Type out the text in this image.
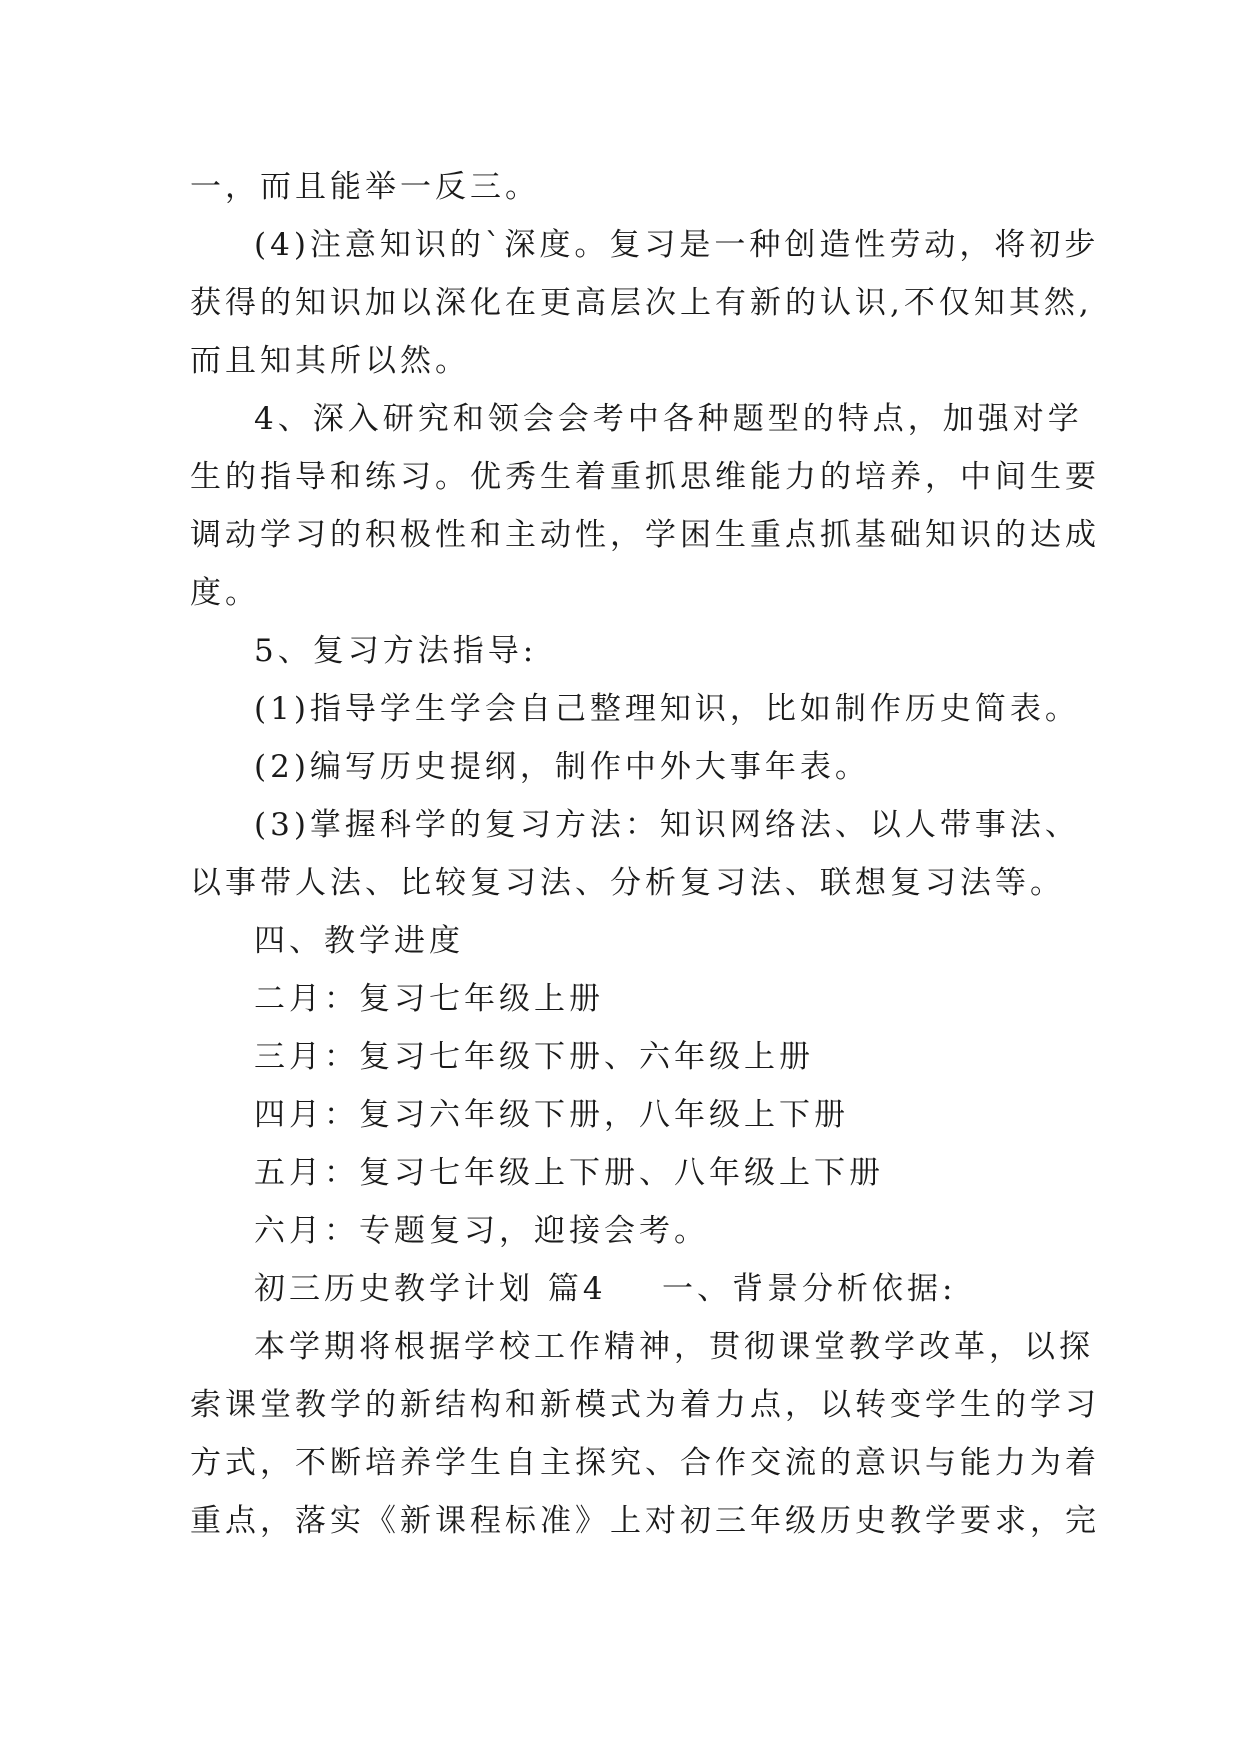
一，而且能举一反三。
(4)注意知识的`深度。复习是一种创造性劳动，将初步
获得的知识加以深化在更高层次上有新的认识,不仅知其然,
而且知其所以然。
4、深入研究和领会会考中各种题型的特点，加强对学
生的指导和练习。优秀生着重抓思维能力的培养，中间生要
调动学习的积极性和主动性，学困生重点抓基础知识的达成
度。
5、复习方法指导:
(1)指导学生学会自己整理知识，比如制作历史简表。
(2)编写历史提纲，制作中外大事年表。
(3)掌握科学的复习方法：知识网络法、以人带事法、
以事带人法、比较复习法、分析复习法、联想复习法等。
四、教学进度
二月：复习七年级上册
三月：复习七年级下册、六年级上册
四月：复习六年级下册，八年级上下册
五月：复习七年级上下册、八年级上下册
六月：专题复习，迎接会考。
初三历史教学计划 篇4    一、背景分析依据:
本学期将根据学校工作精神，贯彻课堂教学改革，以探
索课堂教学的新结构和新模式为着力点，以转变学生的学习
方式，不断培养学生自主探究、合作交流的意识与能力为着
重点，落实《新课程标准》上对初三年级历史教学要求，完
